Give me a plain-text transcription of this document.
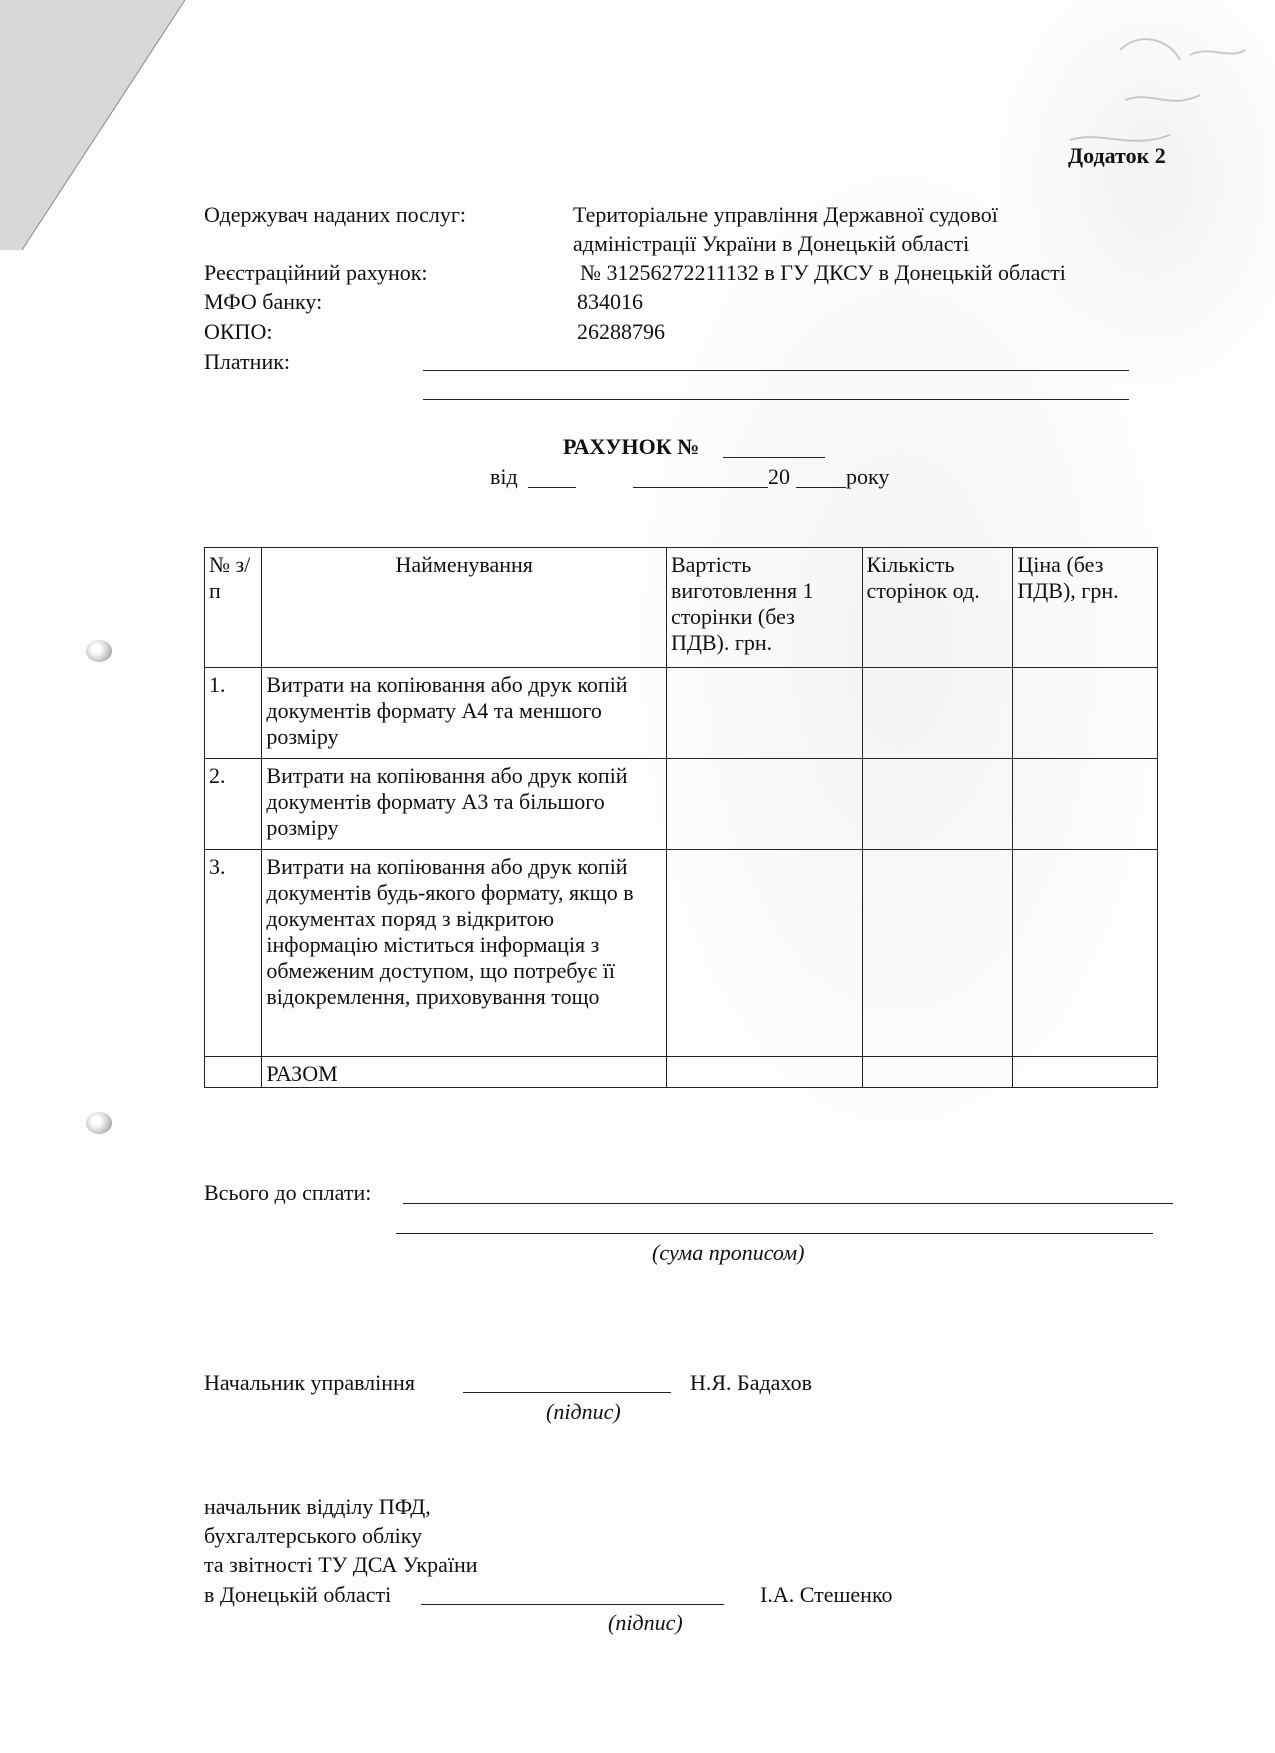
Додаток 2
Одержувач наданих послуг:	Територіальне управління Державної судової
адміністрації України в Донецькій області
Реєстраційний рахунок:	№ 31256272211132 в ГУ ДКСУ в Донецькій області
МФО банку:	834016
ОКПО:	26288796
Платник:
РАХУНОК №
від	20	року
№ з/п	Найменування	Вартість виготовлення 1 сторінки (без ПДВ). грн.	Кількість сторінок од.	Ціна (без ПДВ), грн.
1.	Витрати на копіювання або друк копій документів формату А4 та меншого розміру			
2.	Витрати на копіювання або друк копій документів формату А3 та більшого розміру			
3.	Витрати на копіювання або друк копій документів будь-якого формату, якщо в документах поряд з відкритою інформацію міститься інформація з обмеженим доступом, що потребує її відокремлення, приховування тощо			
	РАЗОМ			
Всього до сплати:
(сума прописом)
Начальник управління	Н.Я. Бадахов
(підпис)
начальник відділу ПФД,
бухгалтерського обліку
та звітності ТУ ДСА України
в Донецькій області	І.А. Стешенко
(підпис)
